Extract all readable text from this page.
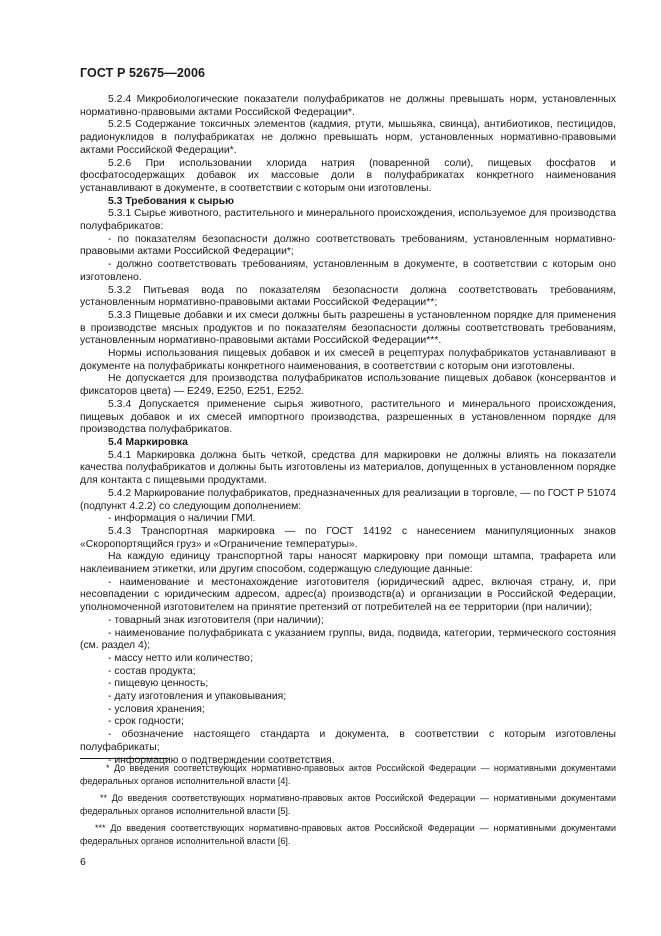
ГОСТ Р 52675—2006

5.2.4 Микробиологические показатели полуфабрикатов не должны превышать норм, установленных нормативно-правовыми актами Российской Федерации*.

5.2.5 Содержание токсичных элементов (кадмия, ртути, мышьяка, свинца), антибиотиков, пестицидов, радионуклидов в полуфабрикатах не должно превышать норм, установленных нормативно-правовыми актами Российской Федерации*.

5.2.6 При использовании хлорида натрия (поваренной соли), пищевых фосфатов и фосфатосодержащих добавок их массовые доли в полуфабрикатах конкретного наименования устанавливают в документе, в соответствии с которым они изготовлены.

5.3 Требования к сырью

5.3.1 Сырье животного, растительного и минерального происхождения, используемое для производства полуфабрикатов:

- по показателям безопасности должно соответствовать требованиям, установленным нормативно-правовыми актами Российской Федерации*;

- должно соответствовать требованиям, установленным в документе, в соответствии с которым оно изготовлено.

5.3.2 Питьевая вода по показателям безопасности должна соответствовать требованиям, установленным нормативно-правовыми актами Российской Федерации**;

5.3.3 Пищевые добавки и их смеси должны быть разрешены в установленном порядке для применения в производстве мясных продуктов и по показателям безопасности должны соответствовать требованиям, установленным нормативно-правовыми актами Российской Федерации***.

Нормы использования пищевых добавок и их смесей в рецептурах полуфабрикатов устанавливают в документе на полуфабрикаты конкретного наименования, в соответствии с которым они изготовлены.

Не допускается для производства полуфабрикатов использование пищевых добавок (консервантов и фиксаторов цвета) — Е249, Е250, Е251, Е252.

5.3.4 Допускается применение сырья животного, растительного и минерального происхождения, пищевых добавок и их смесей импортного производства, разрешенных в установленном порядке для производства полуфабрикатов.

5.4 Маркировка

5.4.1 Маркировка должна быть четкой, средства для маркировки не должны влиять на показатели качества полуфабрикатов и должны быть изготовлены из материалов, допущенных в установленном порядке для контакта с пищевыми продуктами.

5.4.2 Маркирование полуфабрикатов, предназначенных для реализации в торговле, — по ГОСТ Р 51074 (подпункт 4.2.2) со следующим дополнением:

- информация о наличии ГМИ.

5.4.3 Транспортная маркировка — по ГОСТ 14192 с нанесением манипуляционных знаков «Скоропортящийся груз» и «Ограничение температуры».

На каждую единицу транспортной тары наносят маркировку при помощи штампа, трафарета или наклеиванием этикетки, или другим способом, содержащую следующие данные:

- наименование и местонахождение изготовителя (юридический адрес, включая страну, и, при несовпадении с юридическим адресом, адрес(а) производств(а) и организации в Российской Федерации, уполномоченной изготовителем на принятие претензий от потребителей на ее территории (при наличии);

- товарный знак изготовителя (при наличии);

- наименование полуфабриката с указанием группы, вида, подвида, категории, термического состояния (см. раздел 4);

- массу нетто или количество;

- состав продукта;

- пищевую ценность;

- дату изготовления и упаковывания;

- условия хранения;

- срок годности;

- обозначение настоящего стандарта и документа, в соответствии с которым изготовлены полуфабрикаты;

- информацию о подтверждении соответствия.

* До введения соответствующих нормативно-правовых актов Российской Федерации — нормативными документами федеральных органов исполнительной власти [4].

** До введения соответствующих нормативно-правовых актов Российской Федерации — нормативными документами федеральных органов исполнительной власти [5].

*** До введения соответствующих нормативно-правовых актов Российской Федерации — нормативными документами федеральных органов исполнительной власти [6].

6
